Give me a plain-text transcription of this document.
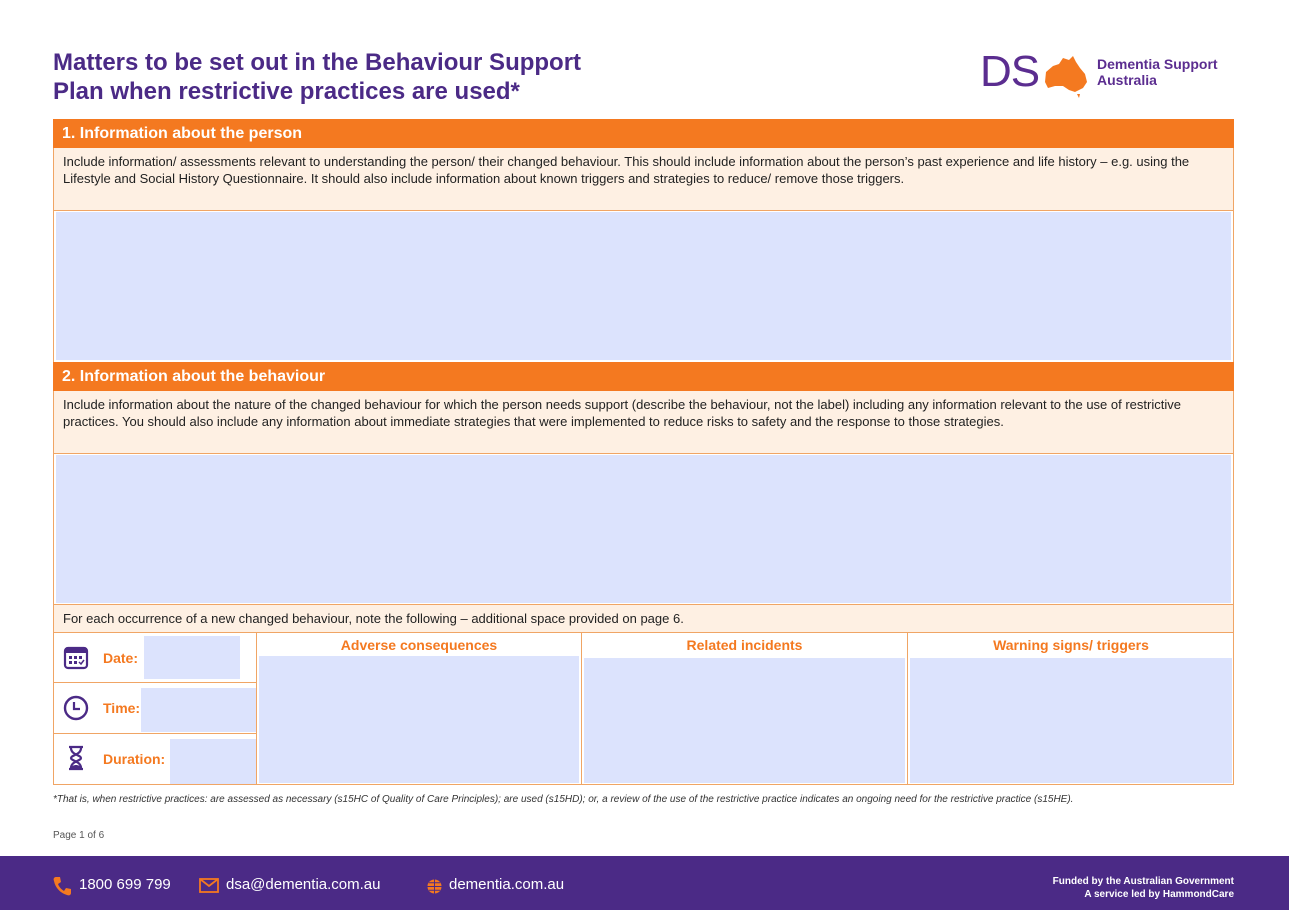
Matters to be set out in the Behaviour Support
Plan when restrictive practices are used*	DS	Dementia Support
Australia
1. Information about the person
Include information/ assessments relevant to understanding the person/ their changed behaviour. This should include information about the person’s past experience and life history – e.g. using the Lifestyle and Social History Questionnaire. It should also include information about known triggers and strategies to reduce/ remove those triggers.
2. Information about the behaviour
Include information about the nature of the changed behaviour for which the person needs support (describe the behaviour, not the label) including any information relevant to the use of restrictive practices. You should also include any information about immediate strategies that were implemented to reduce risks to safety and the response to those strategies.
For each occurrence of a new changed behaviour, note the following – additional space provided on page 6.
Date:
Time:
Duration:
Adverse consequences	Related incidents	Warning signs/ triggers
*That is, when restrictive practices: are assessed as necessary (s15HC of Quality of Care Principles); are used (s15HD); or, a review of the use of the restrictive practice indicates an ongoing need for the restrictive practice (s15HE).
Page 1 of 6
1800 699 799	dsa@dementia.com.au	dementia.com.au	Funded by the Australian Government
A service led by HammondCare
